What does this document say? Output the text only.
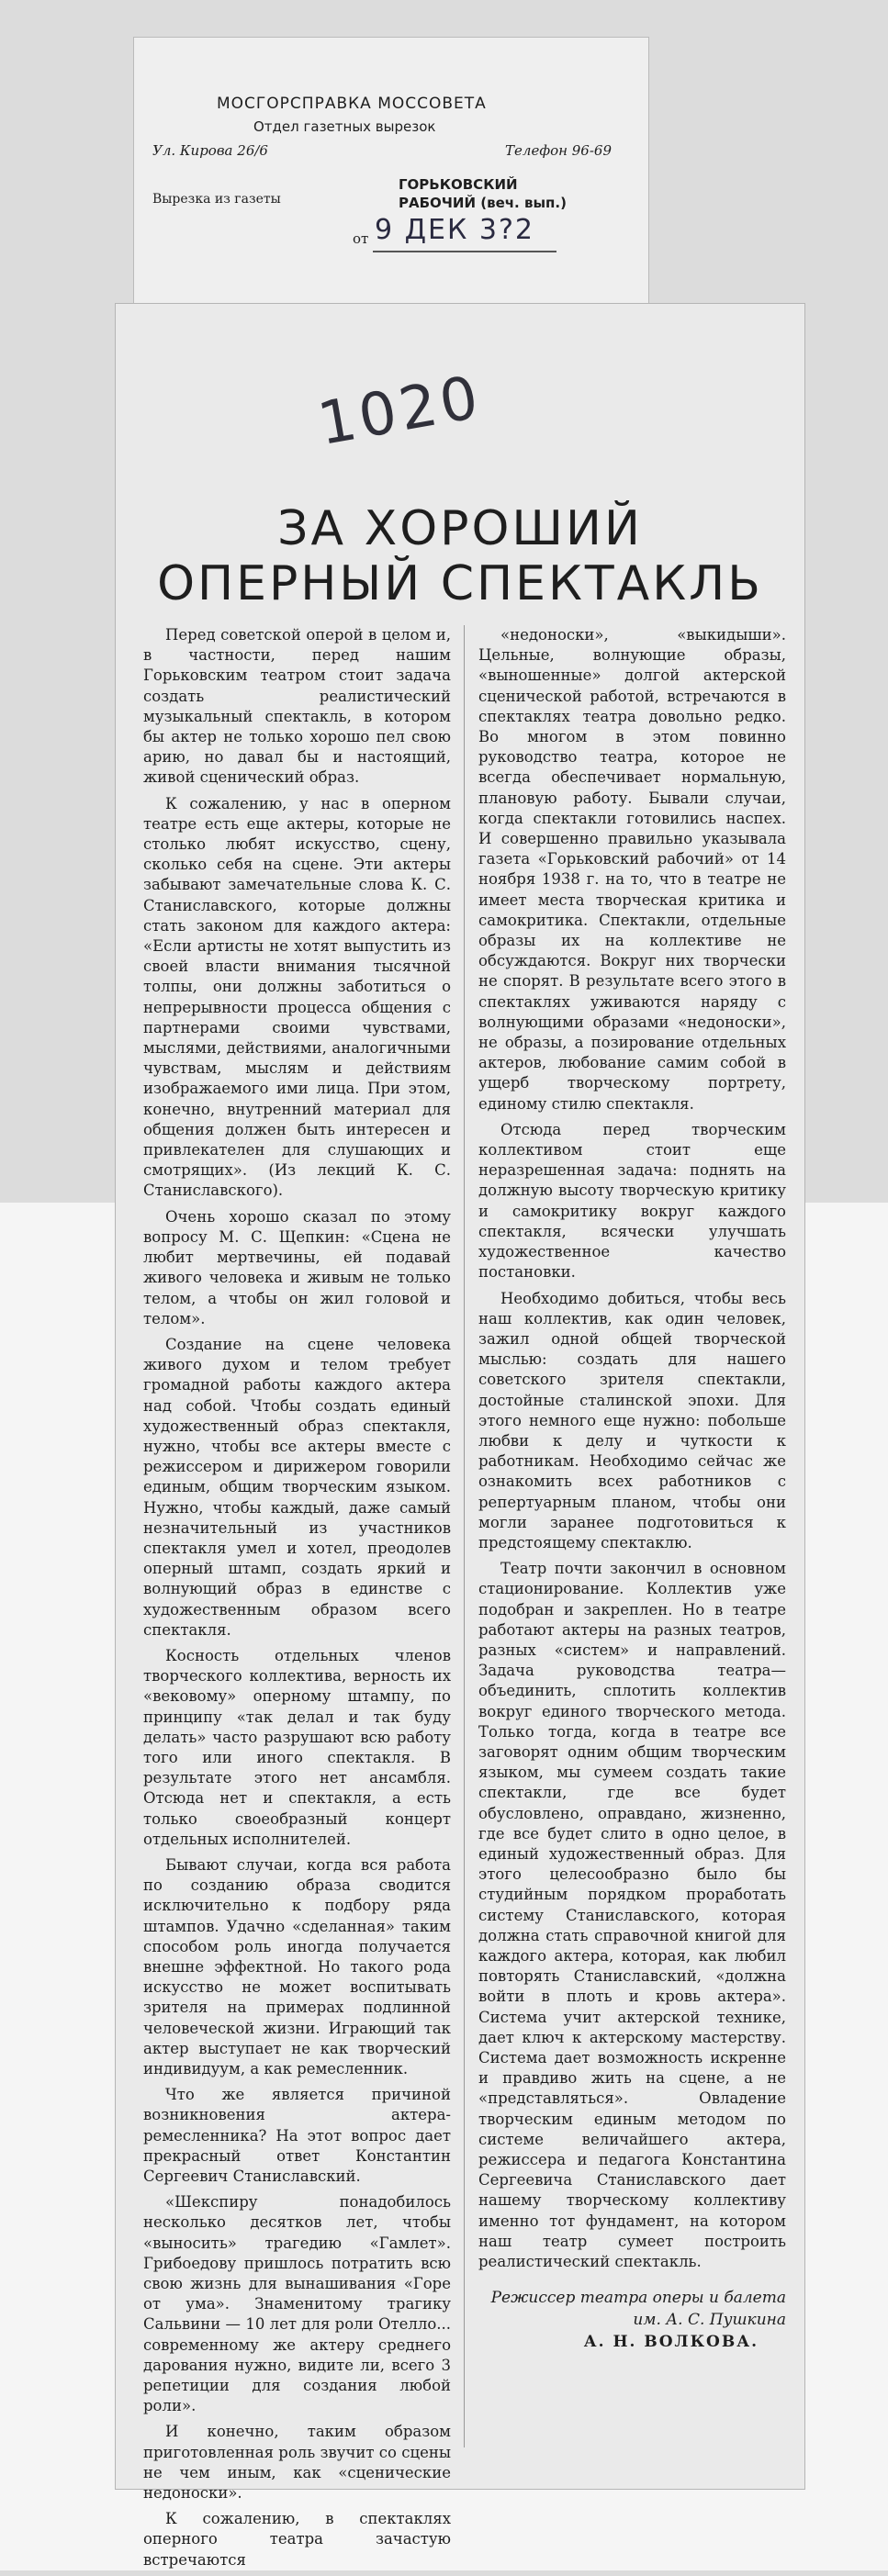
МОСГОРСПРАВКА МОССОВЕТА
Отдел газетных вырезок
Ул. Кирова 26/6	Телефон 96-69
Вырезка из газеты
ГОРЬКОВСКИЙ РАБОЧИЙ (веч. вып.)
от 9 ДЕК 3?2
1020
ЗА ХОРОШИЙ
ОПЕРНЫЙ СПЕКТАКЛЬ

Перед советской оперой в целом и, в частности, перед нашим Горьковским театром стоит задача создать реалистический музыкальный спектакль, в котором бы актер не только хорошо пел свою арию, но давал бы и настоящий, живой сценический образ.

К сожалению, у нас в оперном театре есть еще актеры, которые не столько любят искусство, сцену, сколько себя на сцене. Эти актеры забывают замечательные слова К. С. Станиславского, которые должны стать законом для каждого актера: «Если артисты не хотят выпустить из своей власти внимания тысячной толпы, они должны заботиться о непрерывности процесса общения с партнерами своими чувствами, мыслями, действиями, аналогичными чувствам, мыслям и действиям изображаемого ими лица. При этом, конечно, внутренний материал для общения должен быть интересен и привлекателен для слушающих и смотрящих». (Из лекций К. С. Станиславского).

Очень хорошо сказал по этому вопросу М. С. Щепкин: «Сцена не любит мертвечины, ей подавай живого человека и живым не только телом, а чтобы он жил головой и телом».

Создание на сцене человека живого духом и телом требует громадной работы каждого актера над собой. Чтобы создать единый художественный образ спектакля, нужно, чтобы все актеры вместе с режиссером и дирижером говорили единым, общим творческим языком. Нужно, чтобы каждый, даже самый незначительный из участников спектакля умел и хотел, преодолев оперный штамп, создать яркий и волнующий образ в единстве с художественным образом всего спектакля.

Косность отдельных членов творческого коллектива, верность их «вековому» оперному штампу, по принципу «так делал и так буду делать» часто разрушают всю работу того или иного спектакля. В результате этого нет ансамбля. Отсюда нет и спектакля, а есть только своеобразный концерт отдельных исполнителей.

Бывают случаи, когда вся работа по созданию образа сводится исключительно к подбору ряда штампов. Удачно «сделанная» таким способом роль иногда получается внешне эффектной. Но такого рода искусство не может воспитывать зрителя на примерах подлинной человеческой жизни. Играющий так актер выступает не как творческий индивидуум, а как ремесленник.

Что же является причиной возникновения актера-ремесленника? На этот вопрос дает прекрасный ответ Константин Сергеевич Станиславский.

«Шекспиру понадобилось несколько десятков лет, чтобы «выносить» трагедию «Гамлет». Грибоедову пришлось потратить всю свою жизнь для вынашивания «Горе от ума». Знаменитому трагику Сальвини — 10 лет для роли Отелло... современному же актеру среднего дарования нужно, видите ли, всего 3 репетиции для создания любой роли».

И конечно, таким образом приготовленная роль звучит со сцены не чем иным, как «сценические недоноски».

К сожалению, в спектаклях оперного театра зачастую встречаются

«недоноски», «выкидыши». Цельные, волнующие образы, «выношенные» долгой актерской сценической работой, встречаются в спектаклях театра довольно редко. Во многом в этом повинно руководство театра, которое не всегда обеспечивает нормальную, плановую работу. Бывали случаи, когда спектакли готовились наспех. И совершенно правильно указывала газета «Горьковский рабочий» от 14 ноября 1938 г. на то, что в театре не имеет места творческая критика и самокритика. Спектакли, отдельные образы их на коллективе не обсуждаются. Вокруг них творчески не спорят. В результате всего этого в спектаклях уживаются наряду с волнующими образами «недоноски», не образы, а позирование отдельных актеров, любование самим собой в ущерб творческому портрету, единому стилю спектакля.

Отсюда перед творческим коллективом стоит еще неразрешенная задача: поднять на должную высоту творческую критику и самокритику вокруг каждого спектакля, всячески улучшать художественное качество постановки.

Необходимо добиться, чтобы весь наш коллектив, как один человек, зажил одной общей творческой мыслью: создать для нашего советского зрителя спектакли, достойные сталинской эпохи. Для этого немного еще нужно: побольше любви к делу и чуткости к работникам. Необходимо сейчас же ознакомить всех работников с репертуарным планом, чтобы они могли заранее подготовиться к предстоящему спектаклю.

Театр почти закончил в основном стационирование. Коллектив уже подобран и закреплен. Но в театре работают актеры на разных театров, разных «систем» и направлений. Задача руководства театра—объединить, сплотить коллектив вокруг единого творческого метода. Только тогда, когда в театре все заговорят одним общим творческим языком, мы сумеем создать такие спектакли, где все будет обусловлено, оправдано, жизненно, где все будет слито в одно целое, в единый художественный образ. Для этого целесообразно было бы студийным порядком проработать систему Станиславского, которая должна стать справочной книгой для каждого актера, которая, как любил повторять Станиславский, «должна войти в плоть и кровь актера». Система учит актерской технике, дает ключ к актерскому мастерству. Система дает возможность искренне и правдиво жить на сцене, а не «представляться». Овладение творческим единым методом по системе величайшего актера, режиссера и педагога Константина Сергеевича Станиславского дает нашему творческому коллективу именно тот фундамент, на котором наш театр сумеет построить реалистический спектакль.

Режиссер театра оперы и балета им. А. С. Пушкина
А. Н. ВОЛКОВА.
